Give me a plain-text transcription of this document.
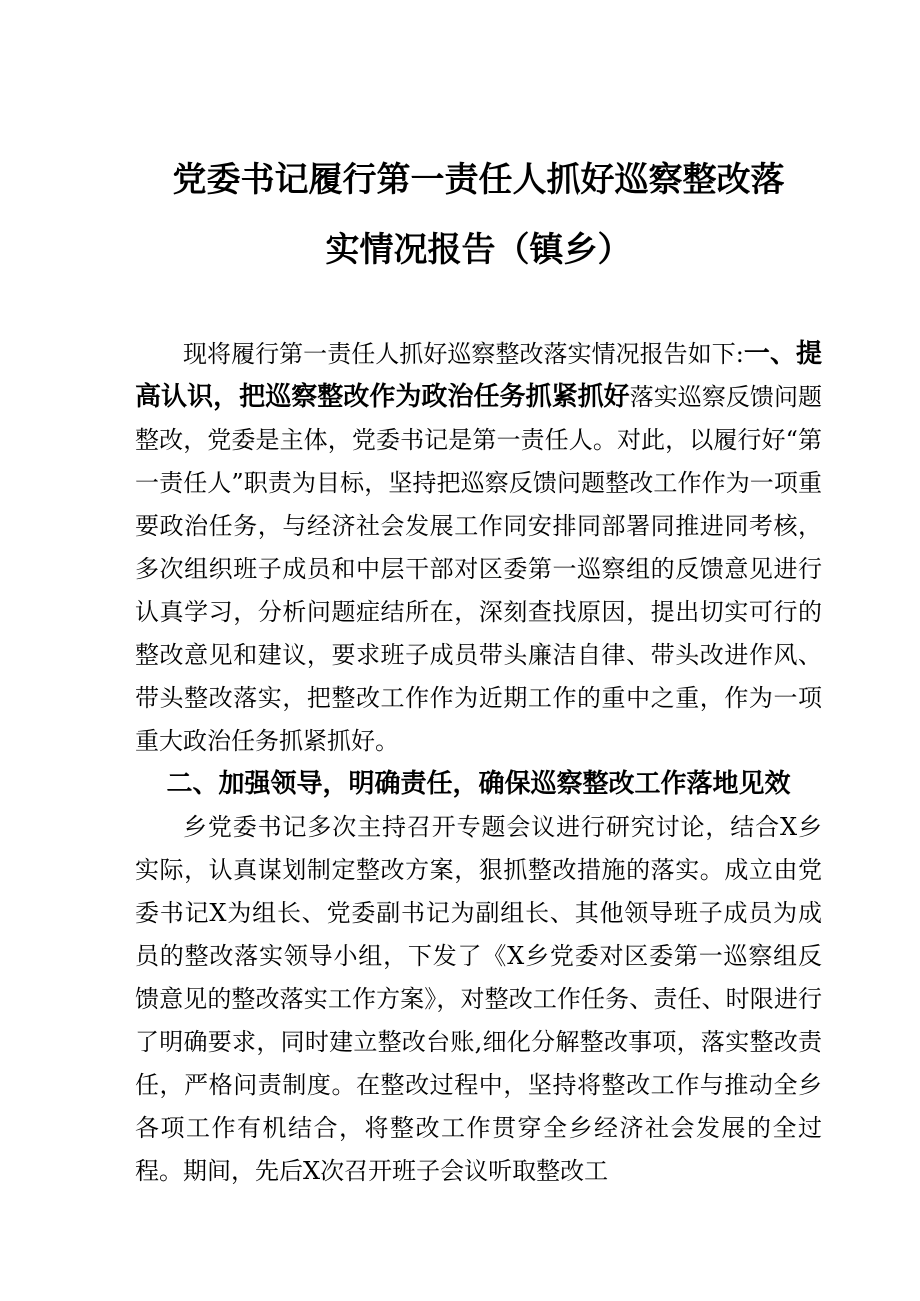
党委书记履行第一责任人抓好巡察整改落实情况报告（镇乡）

现将履行第一责任人抓好巡察整改落实情况报告如下:一、提高认识，把巡察整改作为政治任务抓紧抓好落实巡察反馈问题整改，党委是主体，党委书记是第一责任人。对此，以履行好“第一责任人”职责为目标，坚持把巡察反馈问题整改工作作为一项重要政治任务，与经济社会发展工作同安排同部署同推进同考核，多次组织班子成员和中层干部对区委第一巡察组的反馈意见进行认真学习，分析问题症结所在，深刻查找原因，提出切实可行的整改意见和建议，要求班子成员带头廉洁自律、带头改进作风、带头整改落实，把整改工作作为近期工作的重中之重，作为一项重大政治任务抓紧抓好。

二、加强领导，明确责任，确保巡察整改工作落地见效

乡党委书记多次主持召开专题会议进行研究讨论，结合X乡实际，认真谋划制定整改方案，狠抓整改措施的落实。成立由党委书记X为组长、党委副书记为副组长、其他领导班子成员为成员的整改落实领导小组，下发了《X乡党委对区委第一巡察组反馈意见的整改落实工作方案》，对整改工作任务、责任、时限进行了明确要求，同时建立整改台账,细化分解整改事项，落实整改责任，严格问责制度。在整改过程中，坚持将整改工作与推动全乡各项工作有机结合，将整改工作贯穿全乡经济社会发展的全过程。期间，先后X次召开班子会议听取整改工
